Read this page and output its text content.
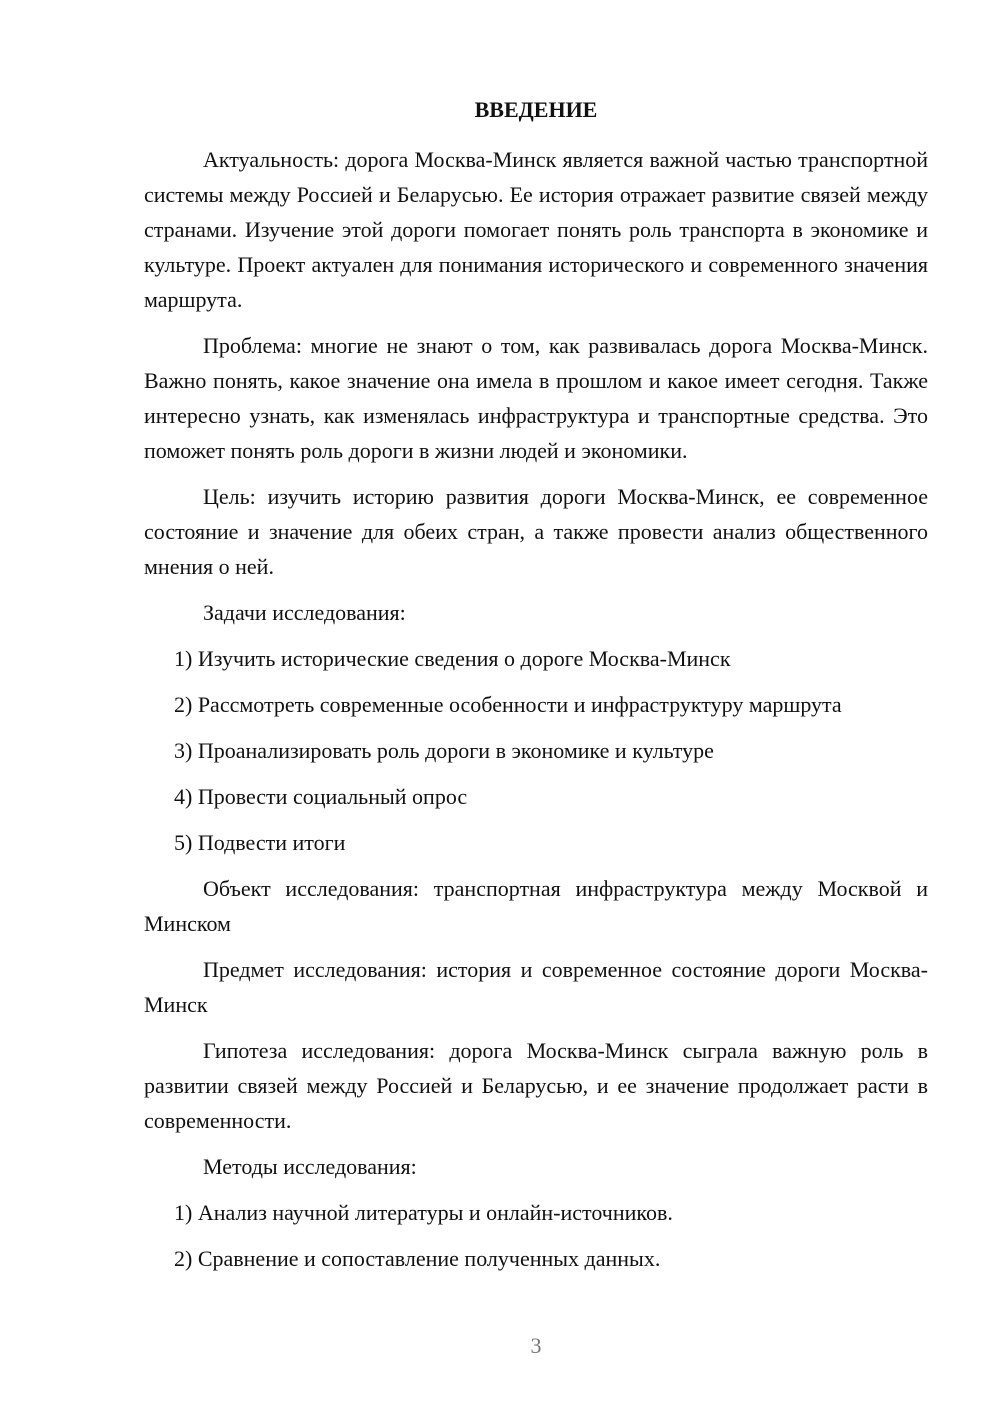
ВВЕДЕНИЕ

Актуальность: дорога Москва-Минск является важной частью транспортной системы между Россией и Беларусью. Ее история отражает развитие связей между странами. Изучение этой дороги помогает понять роль транспорта в экономике и культуре. Проект актуален для понимания исторического и современного значения маршрута.

Проблема: многие не знают о том, как развивалась дорога Москва-Минск. Важно понять, какое значение она имела в прошлом и какое имеет сегодня. Также интересно узнать, как изменялась инфраструктура и транспортные средства. Это поможет понять роль дороги в жизни людей и экономики.

Цель: изучить историю развития дороги Москва-Минск, ее современное состояние и значение для обеих стран, а также провести анализ общественного мнения о ней.

Задачи исследования:

1) Изучить исторические сведения о дороге Москва-Минск
2) Рассмотреть современные особенности и инфраструктуру маршрута
3) Проанализировать роль дороги в экономике и культуре
4) Провести социальный опрос
5) Подвести итоги

Объект исследования: транспортная инфраструктура между Москвой и Минском

Предмет исследования: история и современное состояние дороги Москва-Минск

Гипотеза исследования: дорога Москва-Минск сыграла важную роль в развитии связей между Россией и Беларусью, и ее значение продолжает расти в современности.

Методы исследования:

1) Анализ научной литературы и онлайн-источников.
2) Сравнение и сопоставление полученных данных.

3
